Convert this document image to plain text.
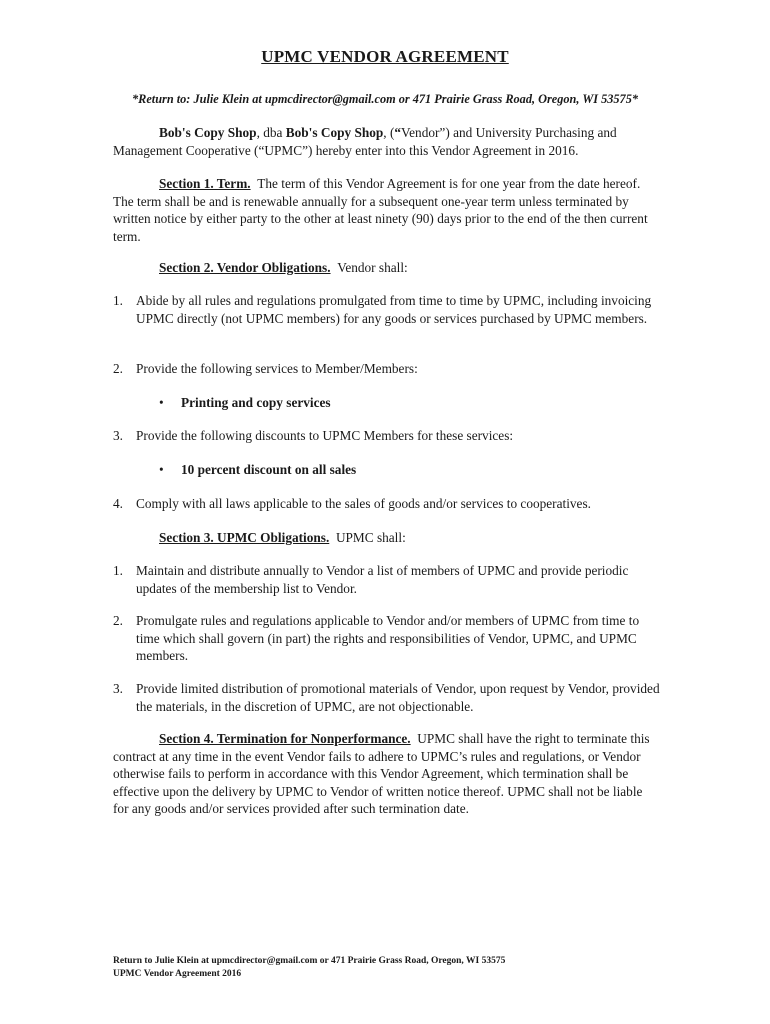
UPMC VENDOR AGREEMENT
*Return to: Julie Klein at upmcdirector@gmail.com or 471 Prairie Grass Road, Oregon, WI 53575*

Bob's Copy Shop, dba Bob's Copy Shop, (“Vendor”) and University Purchasing and Management Cooperative (“UPMC”) hereby enter into this Vendor Agreement in 2016.

Section 1. Term. The term of this Vendor Agreement is for one year from the date hereof. The term shall be and is renewable annually for a subsequent one-year term unless terminated by written notice by either party to the other at least ninety (90) days prior to the end of the then current term.

Section 2. Vendor Obligations. Vendor shall:

1. Abide by all rules and regulations promulgated from time to time by UPMC, including invoicing UPMC directly (not UPMC members) for any goods or services purchased by UPMC members.
2. Provide the following services to Member/Members:
• Printing and copy services
3. Provide the following discounts to UPMC Members for these services:
• 10 percent discount on all sales
4. Comply with all laws applicable to the sales of goods and/or services to cooperatives.

Section 3. UPMC Obligations. UPMC shall:

1. Maintain and distribute annually to Vendor a list of members of UPMC and provide periodic updates of the membership list to Vendor.
2. Promulgate rules and regulations applicable to Vendor and/or members of UPMC from time to time which shall govern (in part) the rights and responsibilities of Vendor, UPMC, and UPMC members.
3. Provide limited distribution of promotional materials of Vendor, upon request by Vendor, provided the materials, in the discretion of UPMC, are not objectionable.

Section 4. Termination for Nonperformance. UPMC shall have the right to terminate this contract at any time in the event Vendor fails to adhere to UPMC’s rules and regulations, or Vendor otherwise fails to perform in accordance with this Vendor Agreement, which termination shall be effective upon the delivery by UPMC to Vendor of written notice thereof. UPMC shall not be liable for any goods and/or services provided after such termination date.

Return to Julie Klein at upmcdirector@gmail.com or 471 Prairie Grass Road, Oregon, WI 53575
UPMC Vendor Agreement 2016
